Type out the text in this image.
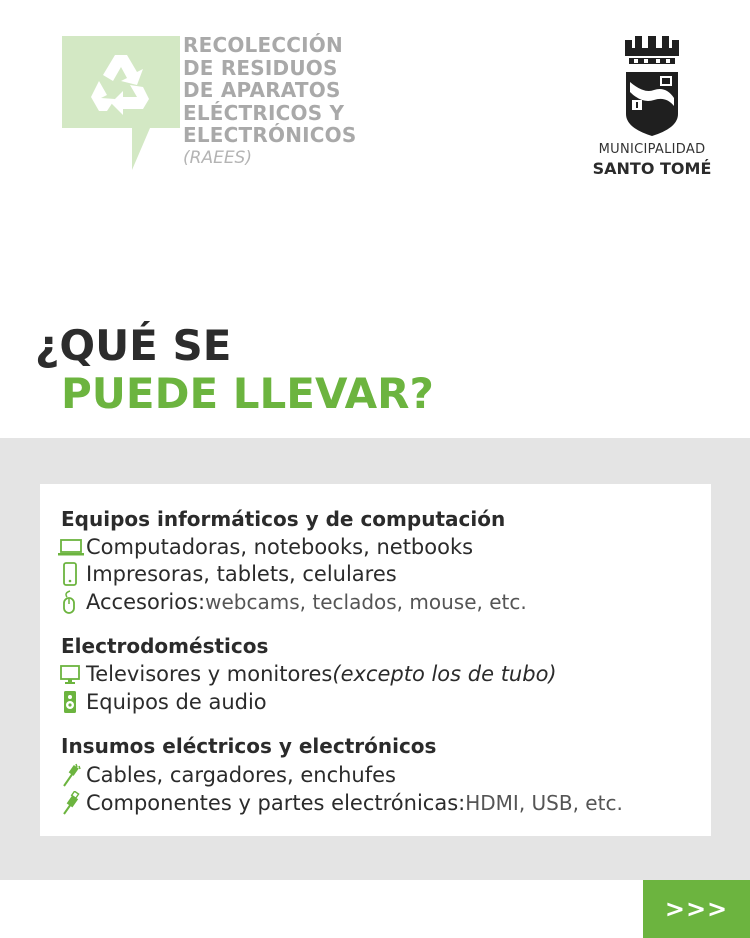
RECOLECCIÓN
DE RESIDUOS
DE APARATOS
ELÉCTRICOS Y
ELECTRÓNICOS
(RAEES)	MUNICIPALIDAD
SANTO TOMÉ
¿QUÉ SE
PUEDE LLEVAR?
Equipos informáticos y de computación
Computadoras, notebooks, netbooks
Impresoras, tablets, celulares
Accesorios: webcams, teclados, mouse, etc.
Electrodomésticos
Televisores y monitores (excepto los de tubo)
Equipos de audio
Insumos eléctricos y electrónicos
Cables, cargadores, enchufes
Componentes y partes electrónicas: HDMI, USB, etc.
>>>
